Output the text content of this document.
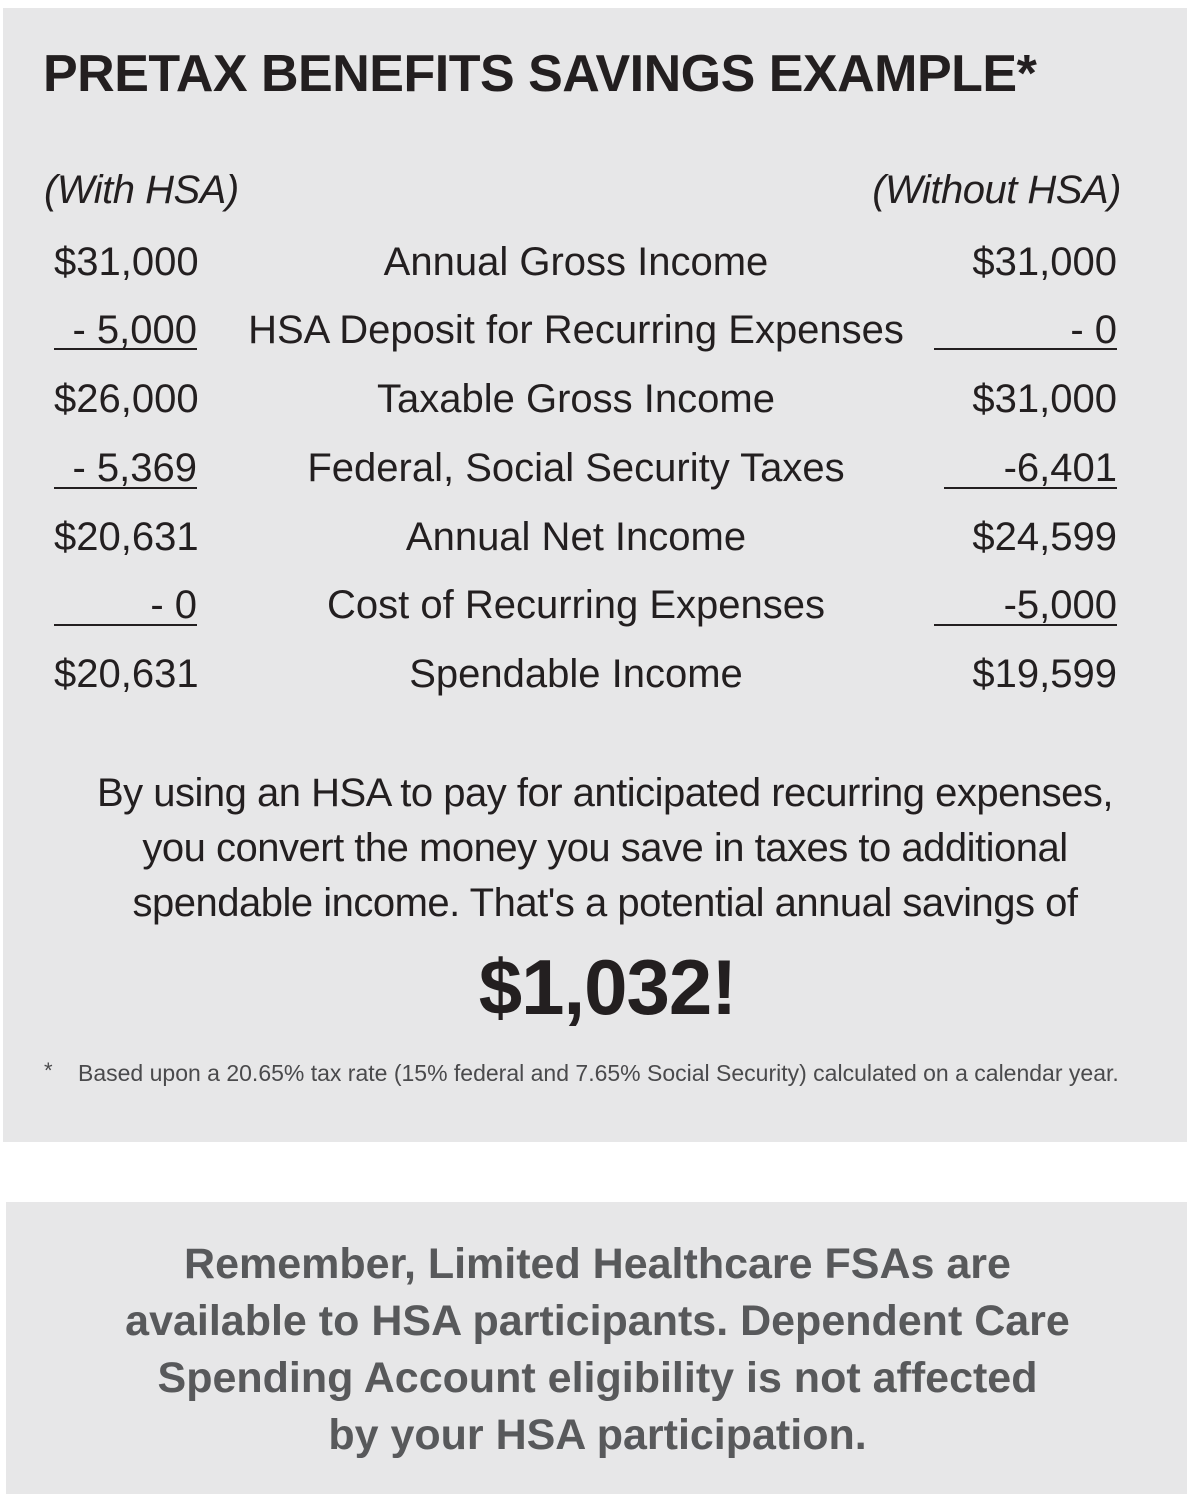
PRETAX BENEFITS SAVINGS EXAMPLE*
(With HSA)	(Without HSA)
$31,000	Annual Gross Income	$31,000
- 5,000 HSA Deposit for Recurring Expenses	- 0
$26,000	Taxable Gross Income	$31,000
- 5,369	Federal, Social Security Taxes	-6,401
$20,631	Annual Net Income	$24,599
- 0	Cost of Recurring Expenses	-5,000
$20,631	Spendable Income	$19,599
By using an HSA to pay for anticipated recurring expenses,
you convert the money you save in taxes to additional
spendable income. That's a potential annual savings of
$1,032!
* Based upon a 20.65% tax rate (15% federal and 7.65% Social Security) calculated on a calendar year.
Remember, Limited Healthcare FSAs are
available to HSA participants. Dependent Care
Spending Account eligibility is not affected
by your HSA participation.
